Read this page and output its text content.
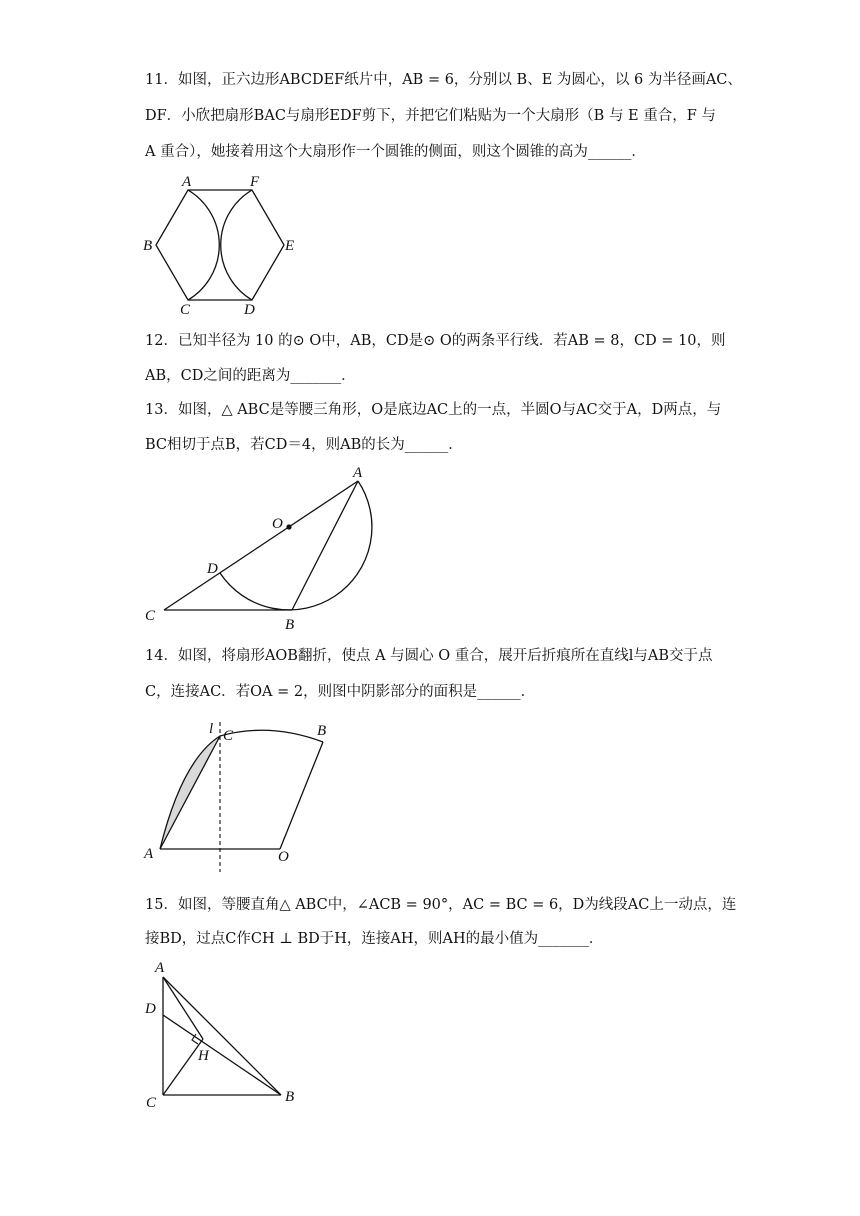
11．如图，正六边形ABCDEF纸片中，AB = 6，分别以 B、E 为圆心，以 6 为半径画AC、
DF．小欣把扇形BAC与扇形EDF剪下，并把它们粘贴为一个大扇形（B 与 E 重合，F 与
A 重合），她接着用这个大扇形作一个圆锥的侧面，则这个圆锥的高为______．
A	F
B	E
C	D
12．已知半径为 10 的⊙ O中，AB，CD是⊙ O的两条平行线．若AB = 8，CD = 10，则
AB，CD之间的距离为_______．
13．如图，△ ABC是等腰三角形，O是底边AC上的一点，半圆O与AC交于A，D两点，与
BC相切于点B，若CD＝4，则AB的长为______．
A
O
D
C
B
14．如图，将扇形AOB翻折，使点 A 与圆心 O 重合，展开后折痕所在直线l与AB交于点
C，连接AC．若OA = 2，则图中阴影部分的面积是______．
l C	B
A	O
15．如图，等腰直角△ ABC中，∠ACB = 90°，AC = BC = 6，D为线段AC上一动点，连
接BD，过点C作CH ⊥ BD于H，连接AH，则AH的最小值为_______．
A
D
H
C	B
